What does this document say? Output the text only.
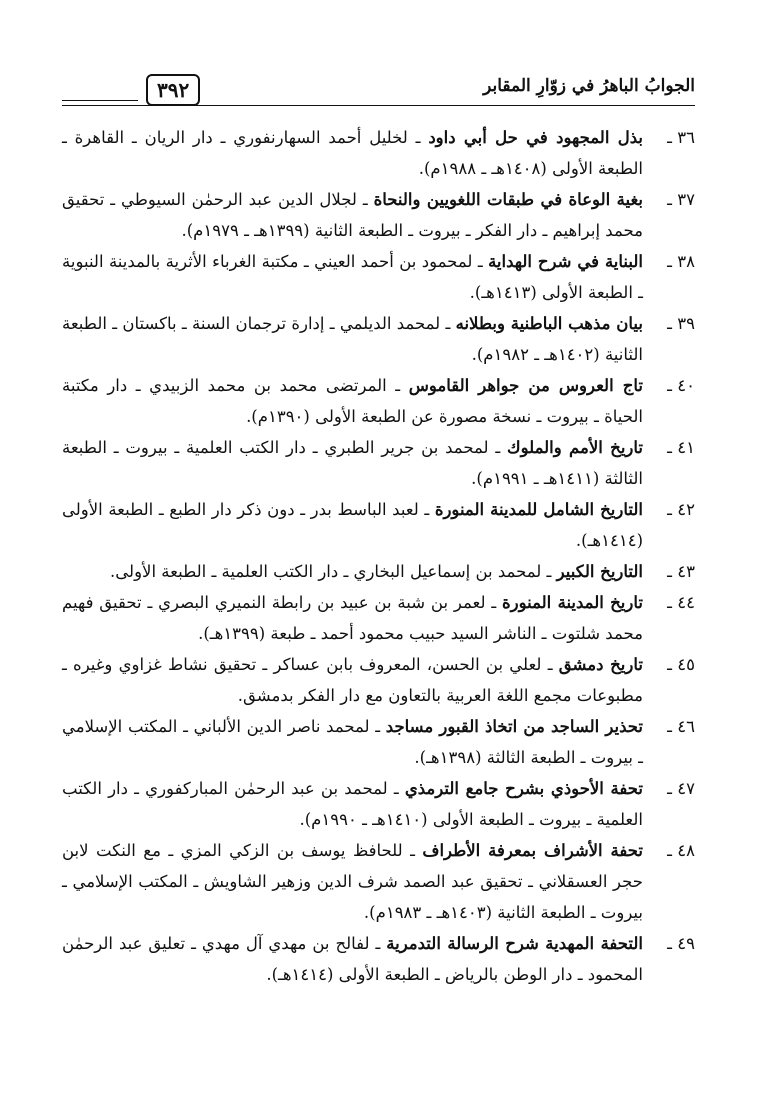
الجوابُ الباهرُ في زوّارِ المقابر
٣٩٢
٣٦ ـ
بذل المجهود في حل أبي داود ـ لخليل أحمد السهارنفوري ـ دار الريان ـ القاهرة ـ الطبعة الأولى (١٤٠٨هـ ـ ١٩٨٨م).
٣٧ ـ
بغية الوعاة في طبقات اللغويين والنحاة ـ لجلال الدين عبد الرحمٰن السيوطي ـ تحقيق محمد إبراهيم ـ دار الفكر ـ بيروت ـ الطبعة الثانية (١٣٩٩هـ ـ ١٩٧٩م).
٣٨ ـ
البناية في شرح الهداية ـ لمحمود بن أحمد العيني ـ مكتبة الغرباء الأثرية بالمدينة النبوية ـ الطبعة الأولى (١٤١٣هـ).
٣٩ ـ
بيان مذهب الباطنية وبطلانه ـ لمحمد الديلمي ـ إدارة ترجمان السنة ـ باكستان ـ الطبعة الثانية (١٤٠٢هـ ـ ١٩٨٢م).
٤٠ ـ
تاج العروس من جواهر القاموس ـ المرتضى محمد بن محمد الزبيدي ـ دار مكتبة الحياة ـ بيروت ـ نسخة مصورة عن الطبعة الأولى (١٣٩٠م).
٤١ ـ
تاريخ الأمم والملوك ـ لمحمد بن جرير الطبري ـ دار الكتب العلمية ـ بيروت ـ الطبعة الثالثة (١٤١١هـ ـ ١٩٩١م).
٤٢ ـ
التاريخ الشامل للمدينة المنورة ـ لعبد الباسط بدر ـ دون ذكر دار الطبع ـ الطبعة الأولى (١٤١٤هـ).
٤٣ ـ
التاريخ الكبير ـ لمحمد بن إسماعيل البخاري ـ دار الكتب العلمية ـ الطبعة الأولى.
٤٤ ـ
تاريخ المدينة المنورة ـ لعمر بن شبة بن عبيد بن رابطة النميري البصري ـ تحقيق فهيم محمد شلتوت ـ الناشر السيد حبيب محمود أحمد ـ طبعة (١٣٩٩هـ).
٤٥ ـ
تاريخ دمشق ـ لعلي بن الحسن، المعروف بابن عساكر ـ تحقيق نشاط غزاوي وغيره ـ مطبوعات مجمع اللغة العربية بالتعاون مع دار الفكر بدمشق.
٤٦ ـ
تحذير الساجد من اتخاذ القبور مساجد ـ لمحمد ناصر الدين الألباني ـ المكتب الإسلامي ـ بيروت ـ الطبعة الثالثة (١٣٩٨هـ).
٤٧ ـ
تحفة الأحوذي بشرح جامع الترمذي ـ لمحمد بن عبد الرحمٰن المباركفوري ـ دار الكتب العلمية ـ بيروت ـ الطبعة الأولى (١٤١٠هـ ـ ١٩٩٠م).
٤٨ ـ
تحفة الأشراف بمعرفة الأطراف ـ للحافظ يوسف بن الزكي المزي ـ مع النكت لابن حجر العسقلاني ـ تحقيق عبد الصمد شرف الدين وزهير الشاويش ـ المكتب الإسلامي ـ بيروت ـ الطبعة الثانية (١٤٠٣هـ ـ ١٩٨٣م).
٤٩ ـ
التحفة المهدية شرح الرسالة التدمرية ـ لفالح بن مهدي آل مهدي ـ تعليق عبد الرحمٰن المحمود ـ دار الوطن بالرياض ـ الطبعة الأولى (١٤١٤هـ).
